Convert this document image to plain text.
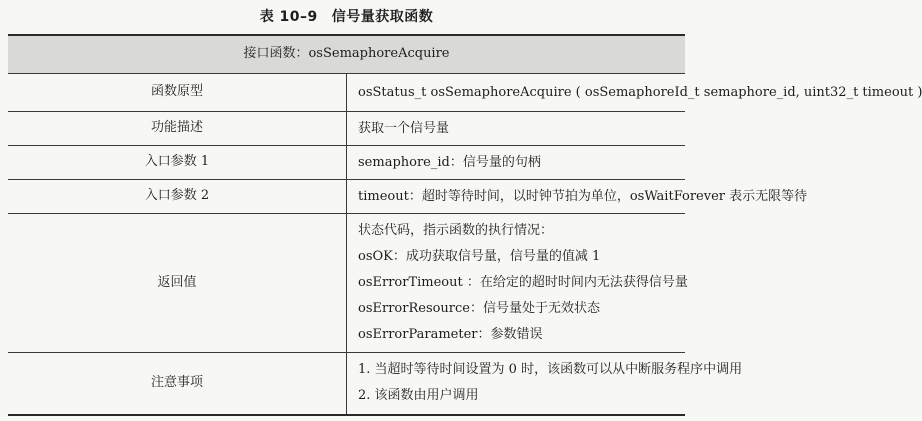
表 10–9 信号量获取函数
接口函数：osSemaphoreAcquire	
函数原型	osStatus_t osSemaphoreAcquire ( osSemaphoreId_t semaphore_id, uint32_t timeout )

功能描述	获取一个信号量

入口参数 1	semaphore_id：信号量的句柄

入口参数 2	timeout：超时等待时间，以时钟节拍为单位，osWaitForever 表示无限等待

返回值	状态代码，指示函数的执行情况：
osOK：成功获取信号量，信号量的值减 1
osErrorTimeout ：在给定的超时时间内无法获得信号量
osErrorResource：信号量处于无效状态
osErrorParameter：参数错误

注意事项	1. 当超时等待时间设置为 0 时，该函数可以从中断服务程序中调用
2. 该函数由用户调用
